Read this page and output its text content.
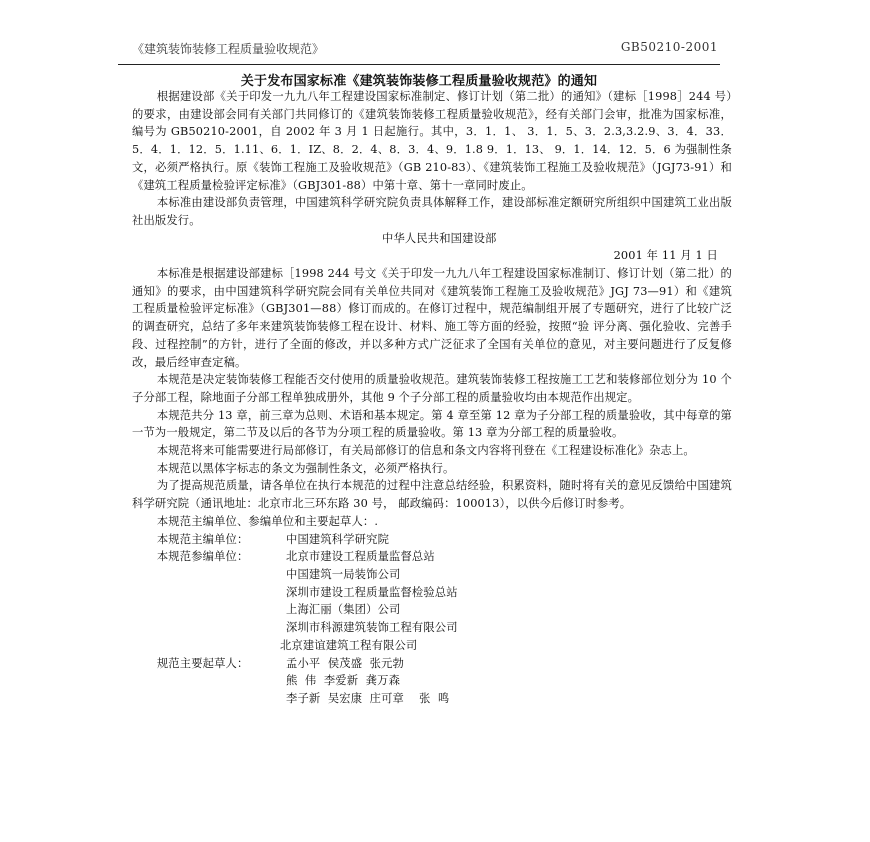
《建筑装饰装修工程质量验收规范》	GB50210-2001
关于发布国家标准《建筑装饰装修工程质量验收规范》的通知

根据建设部《关于印发一九九八年工程建设国家标准制定、修订计划（第二批）的通知》（建标［1998］244 号）的要求，由建设部会同有关部门共同修订的《建筑装饰装修工程质量验收规范》，经有关部门会审，批准为国家标准，编号为 GB50210-2001，自 2002 年 3 月 1 日起施行。其中，3．1．1、 3．1．5、3．2.3,3.2.9、3．4．33．5．4．1．12．5．1.11、6．1．IZ、8．2．4、8．3．4、9．1.8 9．1．13、 9．1．14．12．5．6 为强制性条文，必须严格执行。原《装饰工程施工及验收规范》（GB 210-83）、《建筑装饰工程施工及验收规范》（JGJ73-91）和《建筑工程质量检验评定标准》（GBJ301-88）中第十章、第十一章同时废止。

本标准由建设部负责管理，中国建筑科学研究院负责具体解释工作，建设部标准定额研究所组织中国建筑工业出版社出版发行。

中华人民共和国建设部

2001 年 11 月 1 日

本标准是根据建设部建标［1998 244 号文《关于印发一九九八年工程建设国家标准制订、修订计划（第二批）的通知》的要求，由中国建筑科学研究院会同有关单位共同对《建筑装饰工程施工及验收规范》JGJ 73—91）和《建筑工程质量检验评定标准》（GBJ301—88）修订而成的。在修订过程中，规范编制组开展了专题研究，进行了比较广泛的调查研究，总结了多年来建筑装饰装修工程在设计、材料、施工等方面的经验，按照“验 评分离、强化验收、完善手段、过程控制”的方针，进行了全面的修改，并以多种方式广泛征求了全国有关单位的意见，对主要问题进行了反复修改，最后经审查定稿。

本规范是决定装饰装修工程能否交付使用的质量验收规范。建筑装饰装修工程按施工工艺和装修部位划分为 10 个子分部工程，除地面子分部工程单独成册外，其他 9 个子分部工程的质量验收均由本规范作出规定。

本规范共分 13 章，前三章为总则、术语和基本规定。第 4 章至第 12 章为子分部工程的质量验收，其中每章的第一节为一般规定，第二节及以后的各节为分项工程的质量验收。第 13 章为分部工程的质量验收。

本规范将来可能需要进行局部修订，有关局部修订的信息和条文内容将刊登在《工程建设标准化》杂志上。

本规范以黑体字标志的条文为强制性条文，必须严格执行。

为了提高规范质量，请各单位在执行本规范的过程中注意总结经验，积累资料，随时将有关的意见反馈给中国建筑科学研究院（通讯地址：北京市北三环东路 30 号， 邮政编码：100013），以供今后修订时参考。

本规范主编单位、参编单位和主要起草人：.

本规范主编单位：	中国建筑科学研究院
本规范参编单位：	北京市建设工程质量监督总站
中国建筑一局装饰公司
深圳市建设工程质量监督检验总站
上海汇丽（集团）公司
深圳市科源建筑装饰工程有限公司
北京建谊建筑工程有限公司
规范主要起草人：	孟小平  侯茂盛  张元勃
熊  伟  李爱新  龚万森
李子新  吴宏康  庄可章    张  鸣
